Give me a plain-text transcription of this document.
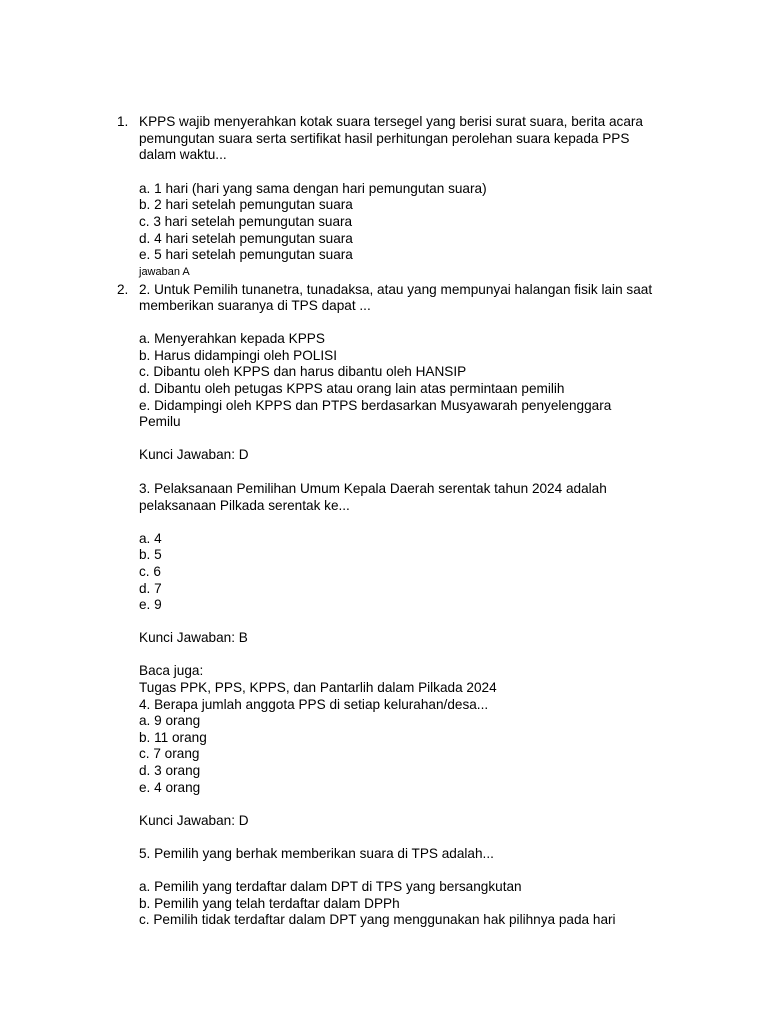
1. KPPS wajib menyerahkan kotak suara tersegel yang berisi surat suara, berita acara
pemungutan suara serta sertifikat hasil perhitungan perolehan suara kepada PPS
dalam waktu...
a. 1 hari (hari yang sama dengan hari pemungutan suara)
b. 2 hari setelah pemungutan suara
c. 3 hari setelah pemungutan suara
d. 4 hari setelah pemungutan suara
e. 5 hari setelah pemungutan suara
jawaban A
2. 2. Untuk Pemilih tunanetra, tunadaksa, atau yang mempunyai halangan fisik lain saat
memberikan suaranya di TPS dapat ...
a. Menyerahkan kepada KPPS
b. Harus didampingi oleh POLISI
c. Dibantu oleh KPPS dan harus dibantu oleh HANSIP
d. Dibantu oleh petugas KPPS atau orang lain atas permintaan pemilih
e. Didampingi oleh KPPS dan PTPS berdasarkan Musyawarah penyelenggara
Pemilu
Kunci Jawaban: D
3. Pelaksanaan Pemilihan Umum Kepala Daerah serentak tahun 2024 adalah
pelaksanaan Pilkada serentak ke...
a. 4
b. 5
c. 6
d. 7
e. 9
Kunci Jawaban: B
Baca juga:
Tugas PPK, PPS, KPPS, dan Pantarlih dalam Pilkada 2024
4. Berapa jumlah anggota PPS di setiap kelurahan/desa...
a. 9 orang
b. 11 orang
c. 7 orang
d. 3 orang
e. 4 orang
Kunci Jawaban: D
5. Pemilih yang berhak memberikan suara di TPS adalah...
a. Pemilih yang terdaftar dalam DPT di TPS yang bersangkutan
b. Pemilih yang telah terdaftar dalam DPPh
c. Pemilih tidak terdaftar dalam DPT yang menggunakan hak pilihnya pada hari
